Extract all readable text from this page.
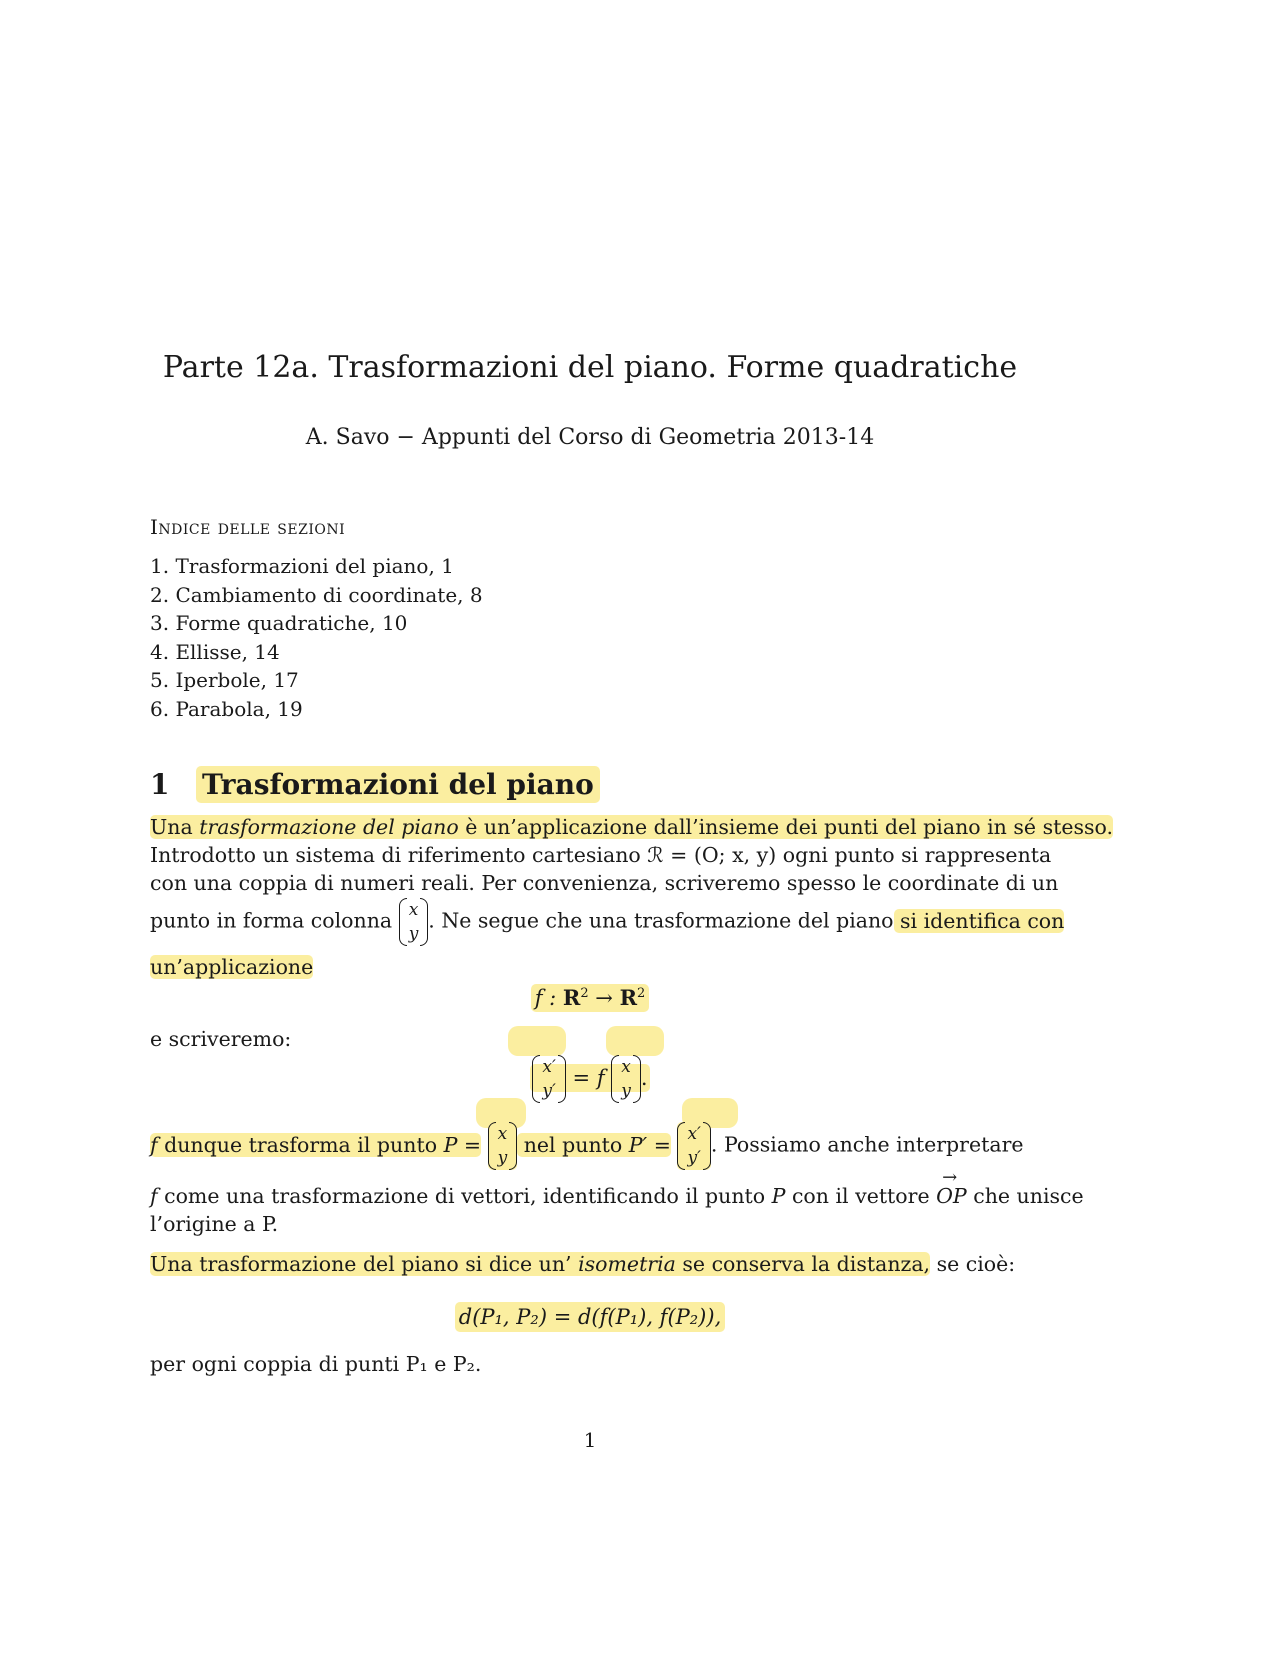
Parte 12a. Trasformazioni del piano. Forme quadratiche
A. Savo − Appunti del Corso di Geometria 2013-14
Indice delle sezioni
1. Trasformazioni del piano, 1
2. Cambiamento di coordinate, 8
3. Forme quadratiche, 10
4. Ellisse, 14
5. Iperbole, 17
6. Parabola, 19
1 Trasformazioni del piano
Una trasformazione del piano è un’applicazione dall’insieme dei punti del piano in sé stesso.
Introdotto un sistema di riferimento cartesiano ℛ = (O; x, y) ogni punto si rappresenta
con una coppia di numeri reali. Per convenienza, scriveremo spesso le coordinate di un
punto in forma colonna x
y
. Ne segue che una trasformazione del piano si identifica con
un’applicazione
f : $R^2 \to R^2$
e scriveremo:
x′
y′
= f x
y
.
f dunque trasforma il punto P = x
y
nel punto P′ = x′
y′
. Possiamo anche interpretare
f come una trasformazione di vettori, identificando il punto P con il vettore → OP che unisce
l’origine a P.
Una trasformazione del piano si dice un’ isometria se conserva la distanza, se cioè:
d(P₁, P₂) = d(f(P₁), f(P₂)),
per ogni coppia di punti P₁ e P₂.
1
